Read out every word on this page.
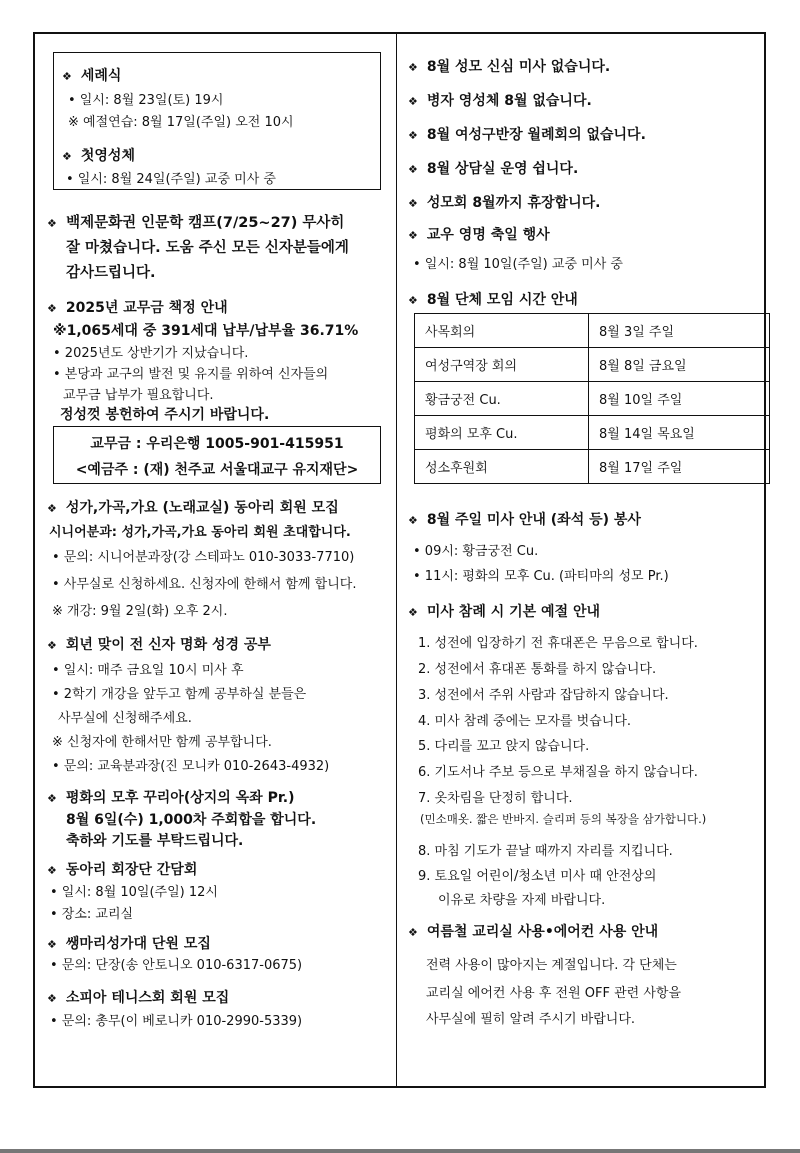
교무금 : 우리은행 1005-901-415951
<예금주 : (재) 천주교 서울대교구 유지재단>
❖ 세례식
• 일시: 8월 23일(토) 19시
※ 예절연습: 8월 17일(주일) 오전 10시
❖ 첫영성체
• 일시: 8월 24일(주일) 교중 미사 중
❖ 백제문화권 인문학 캠프(7/25~27) 무사히
잘 마쳤습니다. 도움 주신 모든 신자분들에게
감사드립니다.
❖ 2025년 교무금 책정 안내
※1,065세대 중 391세대 납부/납부율 36.71%
• 2025년도 상반기가 지났습니다.
• 본당과 교구의 발전 및 유지를 위하여 신자들의
교무금 납부가 필요합니다.
정성껏 봉헌하여 주시기 바랍니다.
❖ 성가,가곡,가요 (노래교실) 동아리 회원 모집
시니어분과: 성가,가곡,가요 동아리 회원 초대합니다.
• 문의: 시니어분과장(강 스테파노 010-3033-7710)
• 사무실로 신청하세요. 신청자에 한해서 함께 합니다.
※ 개강: 9월 2일(화) 오후 2시.
❖ 회년 맞이 전 신자 명화 성경 공부
• 일시: 매주 금요일 10시 미사 후
• 2학기 개강을 앞두고 함께 공부하실 분들은
사무실에 신청해주세요.
※ 신청자에 한해서만 함께 공부합니다.
• 문의: 교육분과장(진 모니카 010-2643-4932)
❖ 평화의 모후 꾸리아(상지의 옥좌 Pr.)
8월 6일(수) 1,000차 주회합을 합니다.
축하와 기도를 부탁드립니다.
❖ 동아리 회장단 간담회
• 일시: 8월 10일(주일) 12시
• 장소: 교리실
❖ 쌩마리성가대 단원 모집
• 문의: 단장(송 안토니오 010-6317-0675)
❖ 소피아 테니스회 회원 모집
• 문의: 총무(이 베로니카 010-2990-5339)
❖ 8월 성모 신심 미사 없습니다.
❖ 병자 영성체 8월 없습니다.
❖ 8월 여성구반장 월례회의 없습니다.
❖ 8월 상담실 운영 쉽니다.
❖ 성모회 8월까지 휴장합니다.
❖ 교우 영명 축일 행사
• 일시: 8월 10일(주일) 교중 미사 중
❖ 8월 단체 모임 시간 안내
사목회의	8월 3일 주일
여성구역장 회의	8월 8일 금요일
황금궁전 Cu.	8월 10일 주일
평화의 모후 Cu.	8월 14일 목요일
성소후원회	8월 17일 주일
❖ 8월 주일 미사 안내 (좌석 등) 봉사
• 09시: 황금궁전 Cu.
• 11시: 평화의 모후 Cu. (파티마의 성모 Pr.)
❖ 미사 참례 시 기본 예절 안내
1. 성전에 입장하기 전 휴대폰은 무음으로 합니다.
2. 성전에서 휴대폰 통화를 하지 않습니다.
3. 성전에서 주위 사람과 잡담하지 않습니다.
4. 미사 참례 중에는 모자를 벗습니다.
5. 다리를 꼬고 앉지 않습니다.
6. 기도서나 주보 등으로 부채질을 하지 않습니다.
7. 옷차림을 단정히 합니다.
(민소매옷. 짧은 반바지. 슬리퍼 등의 복장을 삼가합니다.)
8. 마침 기도가 끝날 때까지 자리를 지킵니다.
9. 토요일 어린이/청소년 미사 때 안전상의
이유로 차량을 자제 바랍니다.
❖ 여름철 교리실 사용•에어컨 사용 안내
전력 사용이 많아지는 계절입니다. 각 단체는
교리실 에어컨 사용 후 전원 OFF 관련 사항을
사무실에 필히 알려 주시기 바랍니다.
